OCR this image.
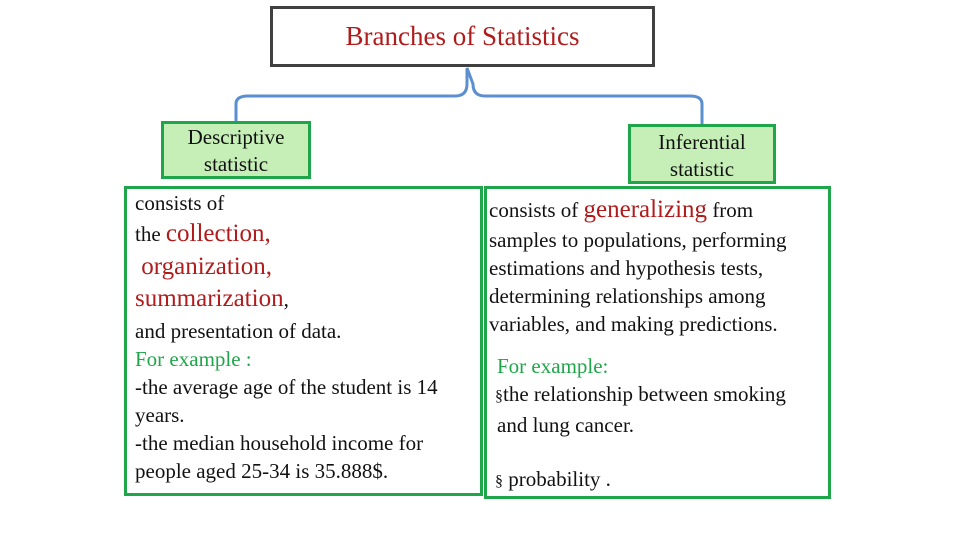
Branches of Statistics
Descriptive
statistic
Inferential
statistic
consists of
the collection,
organization,
summarization,
and presentation of data.
For example :
-the average age of the student is 14
years.
-the median household income for
people aged 25-34 is 35.888$.
consists of generalizing from
samples to populations, performing
estimations and hypothesis tests,
determining relationships among
variables, and making predictions.
For example:
§the relationship between smoking
and lung cancer.
§ probability .
